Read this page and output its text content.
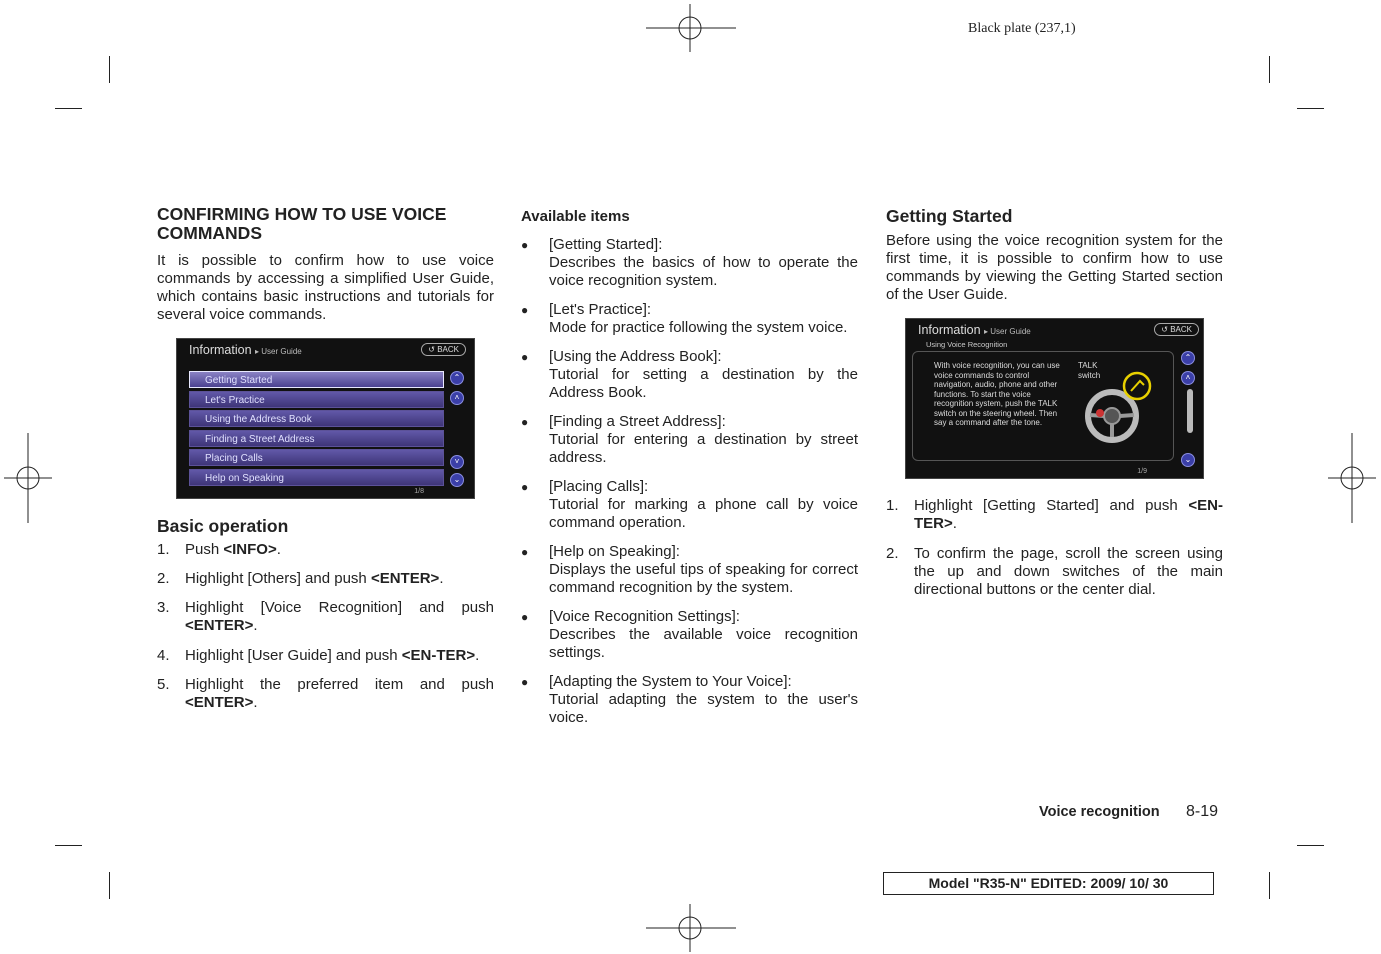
Black plate (237,1)
CONFIRMING HOW TO USE VOICE COMMANDS

It is possible to confirm how to use voice commands by accessing a simplified User Guide, which contains basic instructions and tutorials for several voice commands.

Information ▸ User Guide	↺ BACK
Getting Started
Let's Practice
Using the Address Book
Finding a Street Address
Placing Calls
Help on Speaking
⌃
˄
˅
⌄
1/8
Basic operation
1. Push <INFO>.
2. Highlight [Others] and push <ENTER>.
3. Highlight [Voice Recognition] and push <ENTER>.
4. Highlight [User Guide] and push <EN-TER>.
5. Highlight the preferred item and push <ENTER>.
Available items
● [Getting Started]:
Describes the basics of how to operate the voice recognition system.
● [Let's Practice]:
Mode for practice following the system voice.
● [Using the Address Book]:
Tutorial for setting a destination by the Address Book.
● [Finding a Street Address]:
Tutorial for entering a destination by street address.
● [Placing Calls]:
Tutorial for marking a phone call by voice command operation.
● [Help on Speaking]:
Displays the useful tips of speaking for correct command recognition by the system.
● [Voice Recognition Settings]:
Describes the available voice recognition settings.
● [Adapting the System to Your Voice]:
Tutorial adapting the system to the user's voice.
Getting Started

Before using the voice recognition system for the first time, it is possible to confirm how to use commands by viewing the Getting Started section of the User Guide.

Information ▸ User Guide	↺ BACK
Using Voice Recognition
With voice recognition, you can use voice commands to control navigation, audio, phone and other functions. To start the voice recognition system, push the TALK switch on the steering wheel. Then say a command after the tone.
TALK switch
⌃
˄
⌄
1/9
1. Highlight [Getting Started] and push <EN-TER>.
2. To confirm the page, scroll the screen using the up and down switches of the main directional buttons or the center dial.
Voice recognition 8-19
Model "R35-N" EDITED: 2009/ 10/ 30
